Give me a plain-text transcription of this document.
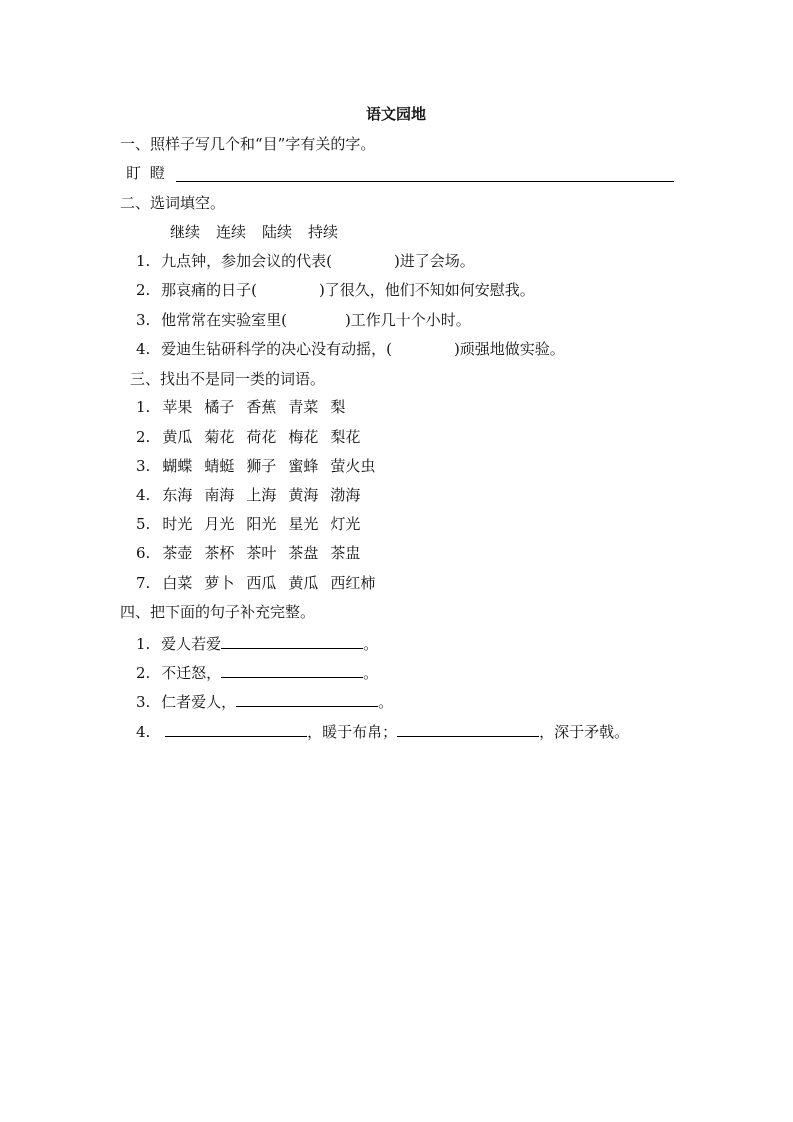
语文园地
一、照样子写几个和“目”字有关的字。
盯 瞪
二、选词填空。
继续 连续 陆续 持续
1. 九点钟，参加会议的代表(	)进了会场。
2. 那哀痛的日子(	)了很久，他们不知如何安慰我。
3. 他常常在实验室里(	)工作几十个小时。
4. 爱迪生钻研科学的决心没有动摇，(	)顽强地做实验。
三、找出不是同一类的词语。
1. 苹果 橘子 香蕉 青菜 梨
2. 黄瓜 菊花 荷花 梅花 梨花
3. 蝴蝶 蜻蜓 狮子 蜜蜂 萤火虫
4. 东海 南海 上海 黄海 渤海
5. 时光 月光 阳光 星光 灯光
6. 茶壶 茶杯 茶叶 茶盘 茶盅
7. 白菜 萝卜 西瓜 黄瓜 西红柿
四、把下面的句子补充完整。
1. 爱人若爱	。
2. 不迁怒，	。
3. 仁者爱人，	。
4.	，暖于布帛；	，深于矛戟。
